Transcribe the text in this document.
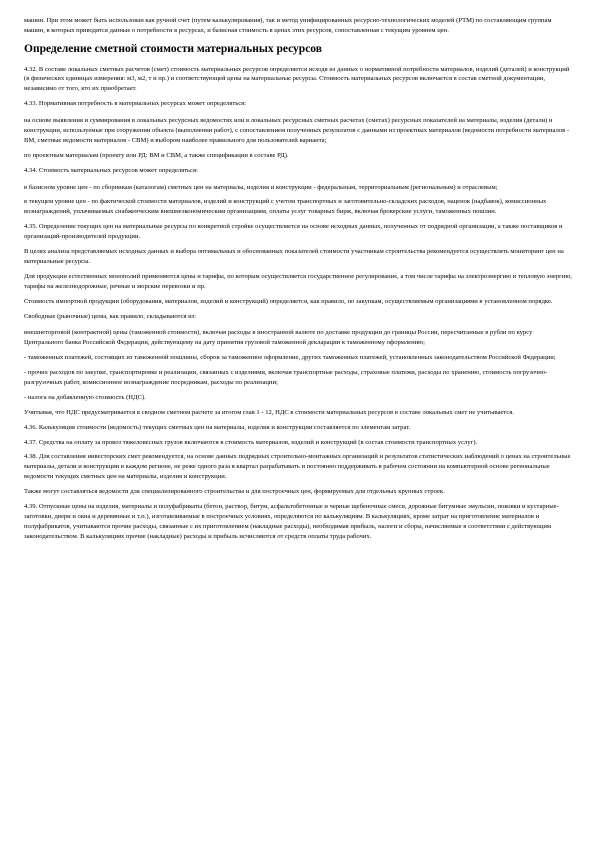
машин. При этом может быть использован как ручной счет (путем калькулирования), так и метод унифицированных ресурсно-технологических моделей (РТМ) по составляющим группам машин, в которых приводятся данные о потребности в ресурсах, и базисная стоимость в ценах этих ресурсов, сопоставленная с текущим уровнем цен.

Определение сметной стоимости материальных ресурсов

4.32. В составе локальных сметных расчетов (смет) стоимость материальных ресурсов определяется исходя из данных о нормативной потребности материалов, изделий (деталей) и конструкций (в физических единицах измерения: м3, м2, т и пр.) и соответствующей цены на материальные ресурсы. Стоимость материальных ресурсов включается в состав сметной документации, независимо от того, кто их приобретает.

4.33. Нормативная потребность в материальных ресурсах может определяться:

на основе выявления и суммирования в локальных ресурсных ведомостях или в локальных ресурсных сметных расчетах (сметах) ресурсных показателей на материалы, изделия (детали) и конструкции, используемые при сооружении объекта (выполнении работ), с сопоставлением полученных результатов с данными из проектных материалов (ведомости потребности материалов - ВМ, сметные ведомости материалов - СВМ) и выбором наиболее правильного для пользователей варианта;

по проектным материалам (проекту или РД: ВМ и СВМ, а также спецификации в составе РД).

4.34. Стоимость материальных ресурсов может определяться:

в базисном уровне цен - по сборникам (каталогам) сметных цен на материалы, изделия и конструкции - федеральным, территориальным (региональным) и отраслевым;

в текущем уровне цен - по фактической стоимости материалов, изделий и конструкций с учетом транспортных и заготовительно-складских расходов, наценок (надбавок), комиссионных вознаграждений, уплачиваемых снабженческим внешнеэкономическим организациям, оплаты услуг товарных бирж, включая брокерские услуги, таможенных пошлин.

4.35. Определение текущих цен на материальные ресурсы по конкретной стройке осуществляется на основе исходных данных, полученных от подрядной организации, а также поставщиков и организаций-производителей продукции.

В целях анализа представляемых исходных данных и выбора оптимальных и обоснованных показателей стоимости участникам строительства рекомендуется осуществлять мониторинг цен на материальные ресурсы.

Для продукции естественных монополий применяются цены и тарифы, по которым осуществляется государственное регулирование, а том числе тарифы на электроэнергию и тепловую энергию, тарифы на железнодорожные, речные и морские перевозки и пр.

Стоимость импортной продукции (оборудования, материалов, изделий и конструкций) определяется, как правило, по закупкам, осуществляемым организациями в установленном порядке.

Свободные (рыночные) цены, как правило, складываются из:

внешнеторговой (контрактной) цены (таможенной стоимости), включая расходы в иностранной валюте по доставке продукции до границы России, пересчитанные в рубли по курсу Центрального банка Российской Федерации, действующему на дату принятия грузовой таможенной декларации к таможенному оформлению;

- таможенных платежей, состоящих из таможенной пошлины, сборов за таможенное оформление, других таможенных платежей, установленных законодательством Российской Федерации;

- прочих расходов по закупке, транспортировке и реализации, связанных с изделиями, включая транспортные расходы, страховые платежи, расходы по хранению, стоимость погрузочно-разгрузочных работ, комиссионное вознаграждение посредникам, расходы по реализации;

- налога на добавленную стоимость (НДС).

Учитывая, что НДС предусматривается в сводном сметном расчете за итогом глав 1 - 12, НДС в стоимости материальных ресурсов в составе локальных смет не учитывается.

4.36. Калькуляция стоимости (ведомость) текущих сметных цен на материалы, изделия и конструкции составляется по элементам затрат.

4.37. Средства на оплату за провоз тяжеловесных грузов включаются в стоимость материалов, изделий и конструкций (в состав стоимости транспортных услуг).

4.38. Для составления инвесторских смет рекомендуется, на основе данных подрядных строительно-монтажных организаций и результатов статистических наблюдений о ценах на строительные материалы, детали и конструкции в каждом регионе, не реже одного раза в квартал разрабатывать и постоянно поддерживать в рабочем состоянии на компьютерной основе региональные ведомости текущих сметных цен на материалы, изделия и конструкции.

Также могут составляться ведомости для специализированного строительства и для построечных цен, формируемых для отдельных крупных строек.

4.39. Отпускные цены на изделия, материалы и полуфабрикаты (бетон, раствор, битум, асфальтобетонные и черные щебеночные смеси, дорожные битумные эмульсии, поковки и кустарные-заготовки, двери и окна и деревянные и т.п.), изготавливаемые в построечных условиях, определяются по калькуляциям. В калькуляциях, кроме затрат на приготовление материалов и полуфабрикатов, учитываются прочие расходы, связанные с их приготовлением (накладные расходы), необходимая прибыль, налоги и сборы, начисляемые в соответствии с действующим законодательством. В калькуляциях прочие (накладные) расходы и прибыль исчисляются от средств оплаты труда рабочих.
